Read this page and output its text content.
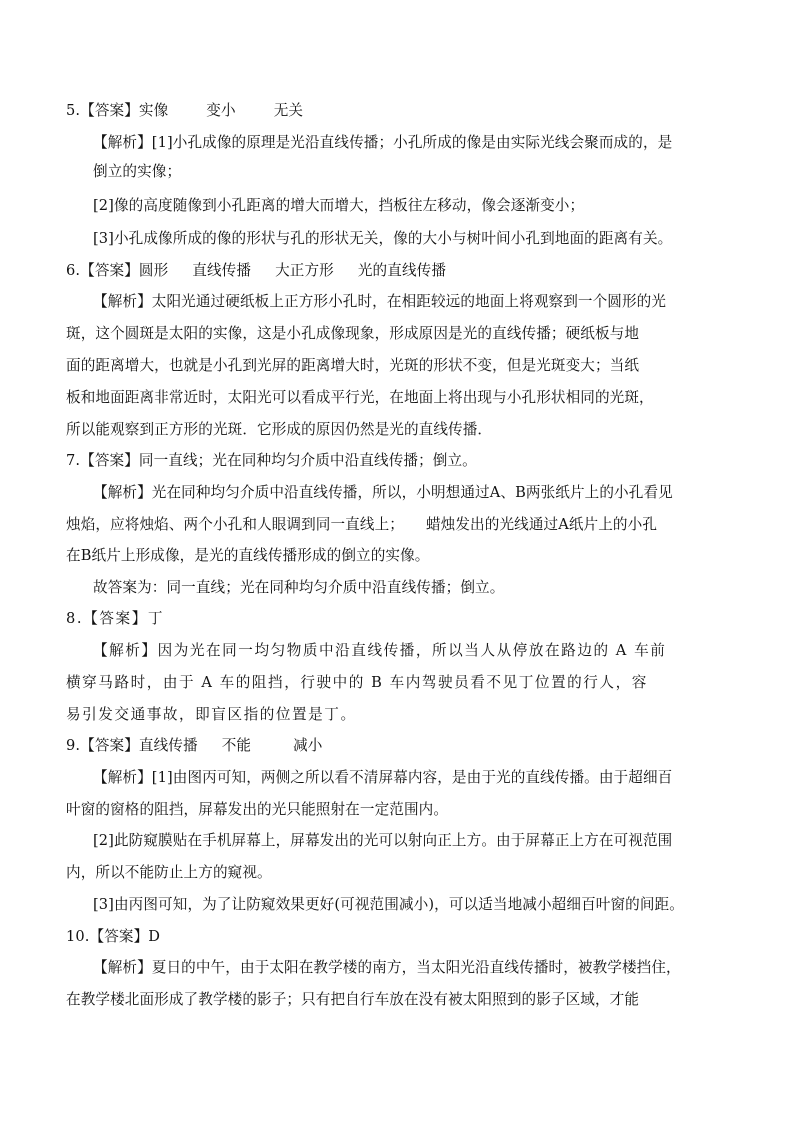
5.【答案】实像	变小	无关
【解析】[1]小孔成像的原理是光沿直线传播；小孔所成的像是由实际光线会聚而成的，是
倒立的实像；
[2]像的高度随像到小孔距离的增大而增大，挡板往左移动，像会逐渐变小；
[3]小孔成像所成的像的形状与孔的形状无关，像的大小与树叶间小孔到地面的距离有关。
6.【答案】圆形 直线传播 大正方形 光的直线传播
【解析】太阳光通过硬纸板上正方形小孔时，在相距较远的地面上将观察到一个圆形的光
斑，这个圆斑是太阳的实像，这是小孔成像现象，形成原因是光的直线传播；硬纸板与地
面的距离增大，也就是小孔到光屏的距离增大时，光斑的形状不变，但是光斑变大；当纸
板和地面距离非常近时，太阳光可以看成平行光，在地面上将出现与小孔形状相同的光斑，
所以能观察到正方形的光斑．它形成的原因仍然是光的直线传播．
7.【答案】同一直线；光在同种均匀介质中沿直线传播；倒立。
【解析】光在同种均匀介质中沿直线传播，所以，小明想通过A、B两张纸片上的小孔看见
烛焰，应将烛焰、两个小孔和人眼调到同一直线上； 蜡烛发出的光线通过A纸片上的小孔
在B纸片上形成像，是光的直线传播形成的倒立的实像。
故答案为：同一直线；光在同种均匀介质中沿直线传播；倒立。
8.【答案】丁
【解析】因为光在同一均匀物质中沿直线传播，所以当人从停放在路边的 A 车前
横穿马路时，由于 A 车的阻挡，行驶中的 B 车内驾驶员看不见丁位置的行人，容
易引发交通事故，即盲区指的位置是丁。
9.【答案】直线传播 不能	减小
【解析】[1]由图丙可知，两侧之所以看不清屏幕内容，是由于光的直线传播。由于超细百
叶窗的窗格的阻挡，屏幕发出的光只能照射在一定范围内。
[2]此防窥膜贴在手机屏幕上，屏幕发出的光可以射向正上方。由于屏幕正上方在可视范围
内，所以不能防止上方的窥视。
[3]由丙图可知，为了让防窥效果更好(可视范围减小)，可以适当地减小超细百叶窗的间距。
10.【答案】D
【解析】夏日的中午，由于太阳在教学楼的南方，当太阳光沿直线传播时，被教学楼挡住，
在教学楼北面形成了教学楼的影子；只有把自行车放在没有被太阳照到的影子区域，才能
